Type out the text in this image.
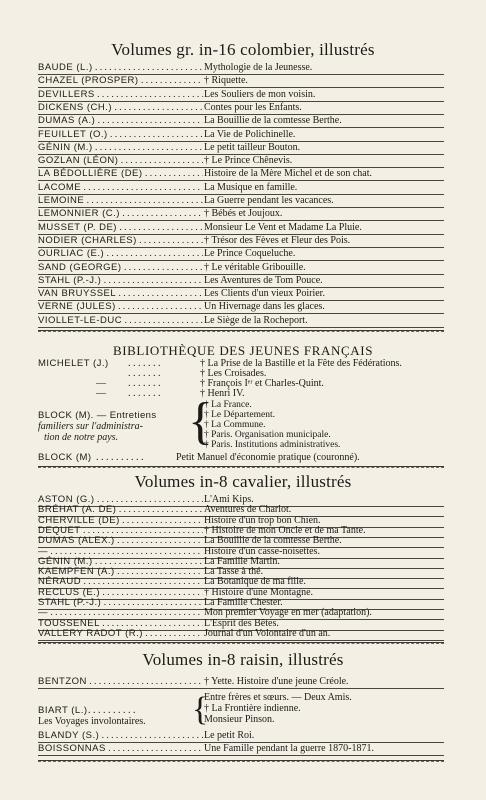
Volumes gr. in-16 colombier, illustrés
BAUDE (L.) . . .	Mythologie de la Jeunesse.
CHAZEL (PROSPER) . . .	† Riquette.
DEVILLERS . . .	Les Souliers de mon voisin.
DICKENS (CH.) . . .	Contes pour les Enfants.
DUMAS (A.) . . .	La Bouillie de la comtesse Berthe.
FEUILLET (O.) . . .	La Vie de Polichinelle.
GÉNIN (M.) . . .	Le petit tailleur Bouton.
GOZLAN (LÉON) . . .	† Le Prince Chênevis.
LA BÉDOLLIÈRE (DE) . . .	Histoire de la Mère Michel et de son chat.
LACOME . . .	La Musique en famille.
LEMOINE . . .	La Guerre pendant les vacances.
LEMONNIER (C.) . . .	† Bébés et Joujoux.
MUSSET (P. DE) . . .	Monsieur Le Vent et Madame La Pluie.
NODIER (CHARLES) . . .	† Trésor des Fèves et Fleur des Pois.
OURLIAC (E.) . . .	Le Prince Coqueluche.
SAND (GEORGE) . . .	† Le véritable Gribouille.
STAHL (P.-J.) . . .	Les Aventures de Tom Pouce.
VAN BRUYSSEL . . .	Les Clients d'un vieux Poirier.
VERNE (JULES) . . .	Un Hivernage dans les glaces.
VIOLLET-LE-DUC . . .	Le Siège de la Rocheport.
BIBLIOTHÈQUE DES JEUNES FRANÇAIS
MICHELET (J.) . . . . . . .	† La Prise de la Bastille et la Fête des Fédérations.
. . . . . . .	† Les Croisades.
— . . . . . . .	† François Iᵉʳ et Charles-Quint.
— . . . . . . .	† Henri IV.
BLOCK (M). — Entretiens
familiers sur l'administra-
tion de notre pays. {
† La France.
† Le Département.
† La Commune.
† Paris. Organisation municipale.
† Paris. Institutions administratives.
BLOCK (M) . . . . . . . . . .	Petit Manuel d'économie pratique (couronné).
Volumes in-8 cavalier, illustrés
ASTON (G.) . . .	L'Ami Kips.
BRÉHAT (A. DE) . . .	Aventures de Charlot.
CHERVILLE (DE) . . .	Histoire d'un trop bon Chien.
DEQUET . . .	† Histoire de mon Oncle et de ma Tante.
DUMAS (ALEX.) . . .	La Bouillie de la comtesse Berthe.
— . . .	Histoire d'un casse-noisettes.
GÉNIN (M.) . . .	La Famille Martin.
KAEMPFEN (A.) . . .	La Tasse à thé.
NÉRAUD . . .	La Botanique de ma fille.
RECLUS (E.) . . .	† Histoire d'une Montagne.
STAHL (P.-J.) . . .	La Famille Chester.
— . . .	Mon premier Voyage en mer (adaptation).
TOUSSENEL . . .	L'Esprit des Bêtes.
VALLERY RADOT (R.) . . .	Journal d'un Volontaire d'un an.
Volumes in-8 raisin, illustrés
BENTZON . . .	† Yette. Histoire d'une jeune Créole.
BIART (L.) . . . . . . . . . .
Les Voyages involontaires. {
Entre frères et sœurs. — Deux Amis.
† La Frontière indienne.
Monsieur Pinson.
BLANDY (S.) . . .	Le petit Roi.
BOISSONNAS . . .	Une Famille pendant la guerre 1870-1871.
